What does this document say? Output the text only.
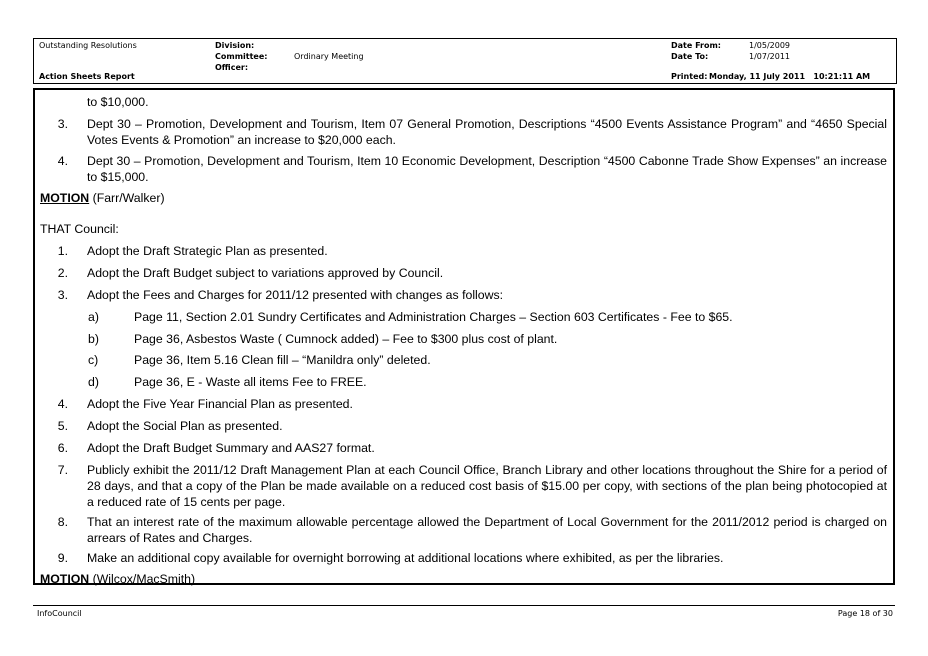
Outstanding Resolutions	Division:
Committee:	Ordinary Meeting
Officer:
Date From:	1/05/2009
Date To:	1/07/2011
Action Sheets Report	Printed: Monday, 11 July 2011   10:21:11 AM
to $10,000.
3. Dept 30 – Promotion, Development and Tourism, Item 07 General Promotion, Descriptions “4500 Events Assistance Program” and “4650 Special Votes Events & Promotion” an increase to $20,000 each.
4. Dept 30 – Promotion, Development and Tourism, Item 10 Economic Development, Description “4500 Cabonne Trade Show Expenses” an increase to $15,000.
MOTION (Farr/Walker)
THAT Council:
1. Adopt the Draft Strategic Plan as presented.
2. Adopt the Draft Budget subject to variations approved by Council.
3. Adopt the Fees and Charges for 2011/12 presented with changes as follows:
a)	Page 11, Section 2.01 Sundry Certificates and Administration Charges – Section 603 Certificates - Fee to $65.
b)	Page 36, Asbestos Waste ( Cumnock added) – Fee to $300 plus cost of plant.
c)	Page 36, Item 5.16 Clean fill – “Manildra only” deleted.
d)	Page 36, E - Waste all items Fee to FREE.
4. Adopt the Five Year Financial Plan as presented.
5. Adopt the Social Plan as presented.
6. Adopt the Draft Budget Summary and AAS27 format.
7. Publicly exhibit the 2011/12 Draft Management Plan at each Council Office, Branch Library and other locations throughout the Shire for a period of 28 days, and that a copy of the Plan be made available on a reduced cost basis of $15.00 per copy, with sections of the plan being photocopied at a reduced rate of 15 cents per page.
8. That an interest rate of the maximum allowable percentage allowed the Department of Local Government for the 2011/2012 period is charged on arrears of Rates and Charges.
9. Make an additional copy available for overnight borrowing at additional locations where exhibited, as per the libraries.
MOTION (Wilcox/MacSmith)
InfoCouncil	Page 18 of 30
